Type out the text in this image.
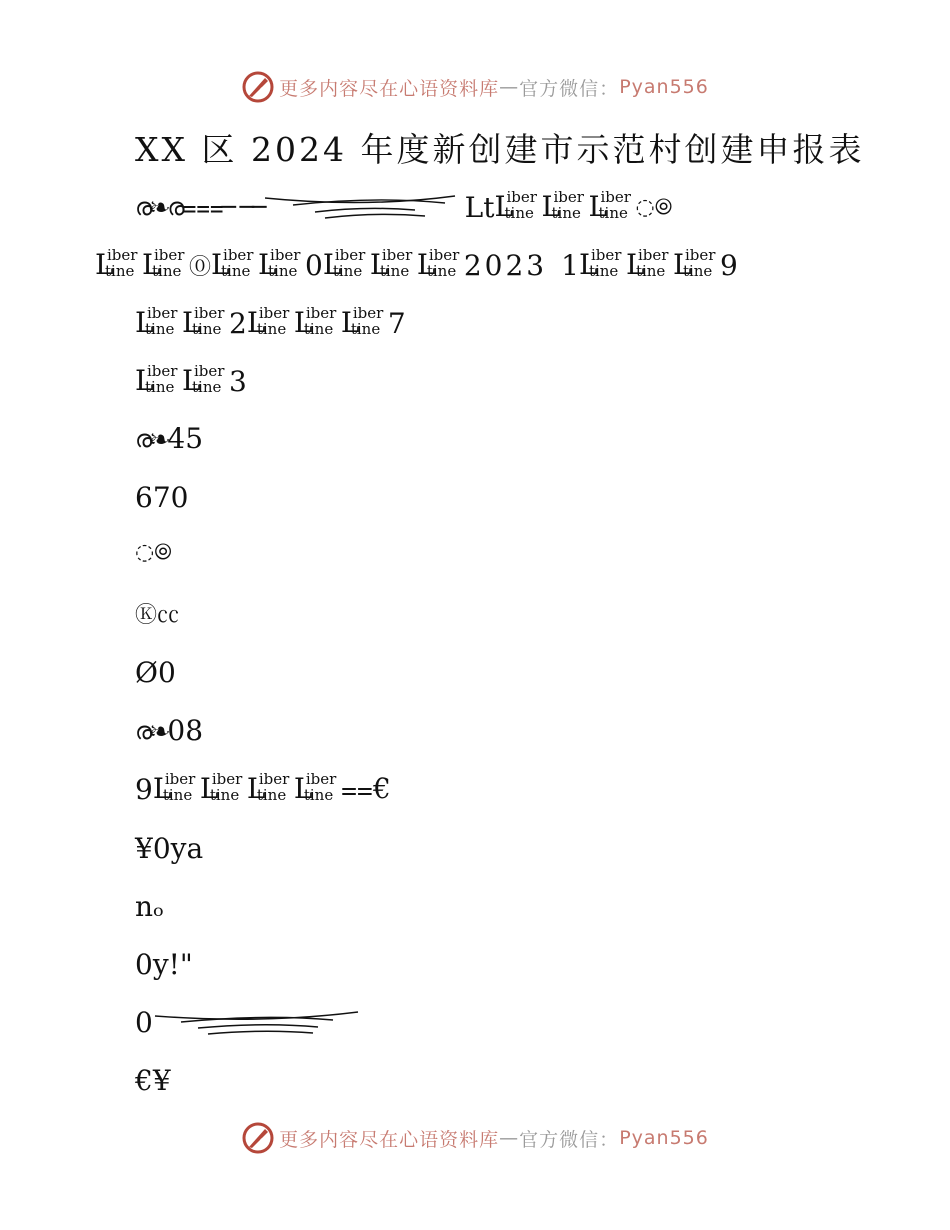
更多内容尽在心语资料库 — 官方微信： Pyan556
XX 区 2024 年度新创建市示范村创建申报表
ര❧ര⩶─ ──	Lt L
iber
tine L
iber
tine L
iber
tine ◌⦾
L
iber
tine L
iber
tine ⓪ L
iber
tine L
iber
tine 0 L
iber
tine L
iber
tine L
iber
tine 2023 1 L
iber
tine L
iber
tine L
iber
tine 9
L
iber
tine L
iber
tine 2 L
iber
tine L
iber
tine L
iber
tine 7
L
iber
tine L
iber
tine 3
ര❧ 45
670
◌⦾
Ⓚ㏄
Ø0
ര❧ 08
9 L
iber
tine L
iber
tine L
iber
tine L
iber
tine ⩵€
¥0ya
nₒ
0y!"
0
€¥
更多内容尽在心语资料库 — 官方微信： Pyan556
